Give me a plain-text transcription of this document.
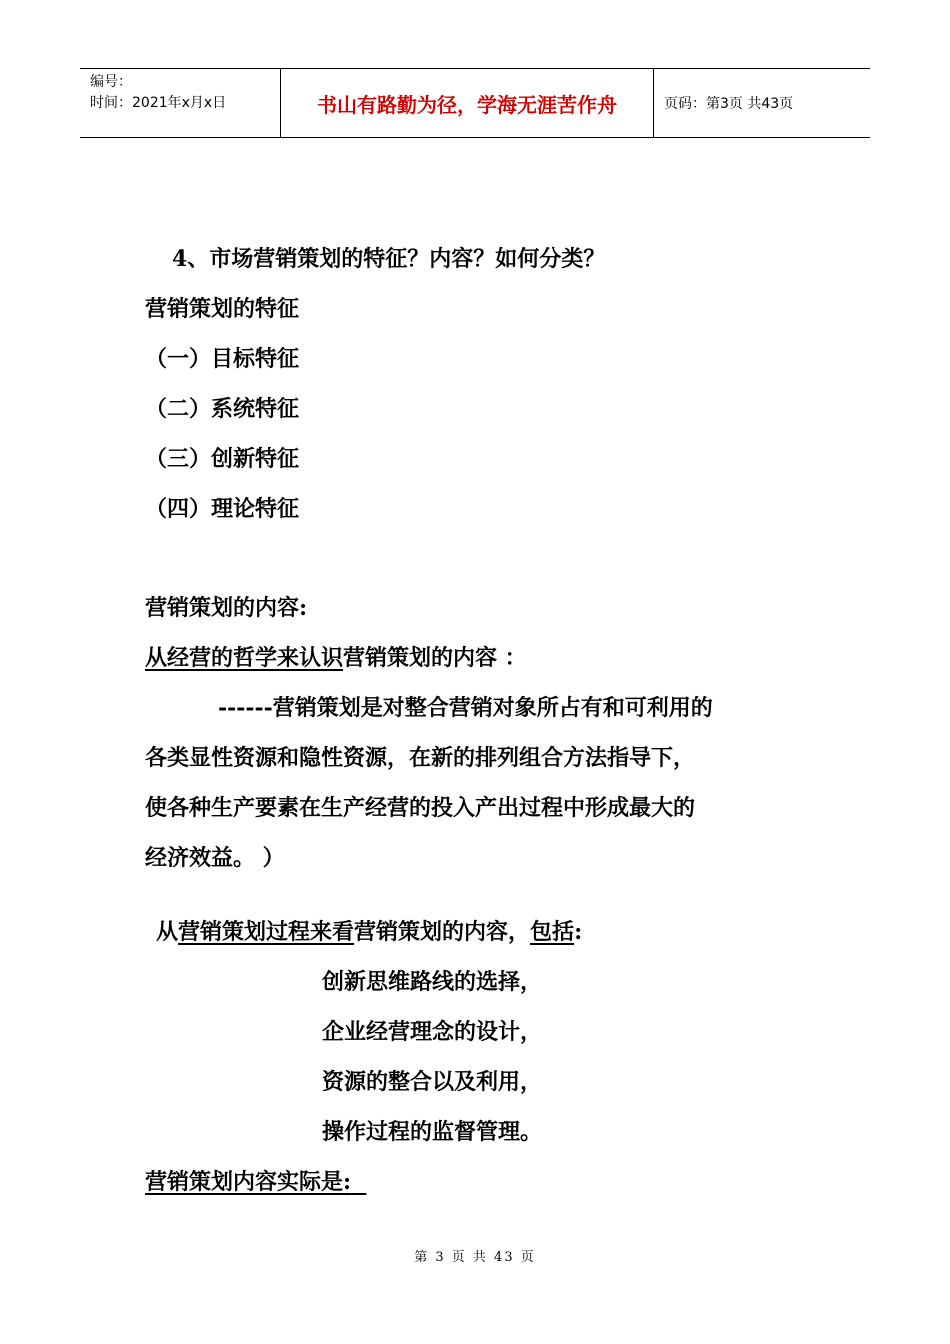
编号：
时间：2021年x月x日	书山有路勤为径，学海无涯苦作舟	页码：第3页 共43页
4、市场营销策划的特征？内容？如何分类？
营销策划的特征
（一）目标特征
（二）系统特征
（三）创新特征
（四）理论特征
营销策划的内容:
从经营的哲学来认识营销策划的内容 ：
------营销策划是对整合营销对象所占有和可利用的
各类显性资源和隐性资源，在新的排列组合方法指导下，
使各种生产要素在生产经营的投入产出过程中形成最大的
经济效益。 ）
从营销策划过程来看营销策划的内容，包括:
创新思维路线的选择，
企业经营理念的设计，
资源的整合以及利用，
操作过程的监督管理。
营销策划内容实际是:
第 3 页 共 43 页
